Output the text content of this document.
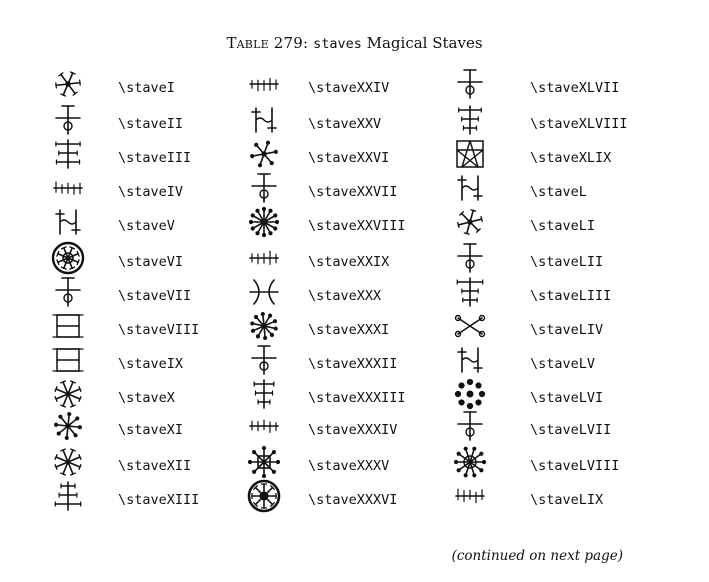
Table 279: staves Magical Staves
\staveI
\staveII
\staveIII
\staveIV
\staveV
\staveVI
\staveVII
\staveVIII
\staveIX
\staveX
\staveXI
\staveXII
\staveXIII
\staveXXIV
\staveXXV
\staveXXVI
\staveXXVII
\staveXXVIII
\staveXXIX
\staveXXX
\staveXXXI
\staveXXXII
\staveXXXIII
\staveXXXIV
\staveXXXV
\staveXXXVI
\staveXLVII
\staveXLVIII
\staveXLIX
\staveL
\staveLI
\staveLII
\staveLIII
\staveLIV
\staveLV
\staveLVI
\staveLVII
\staveLVIII
\staveLIX
(continued on next page)
